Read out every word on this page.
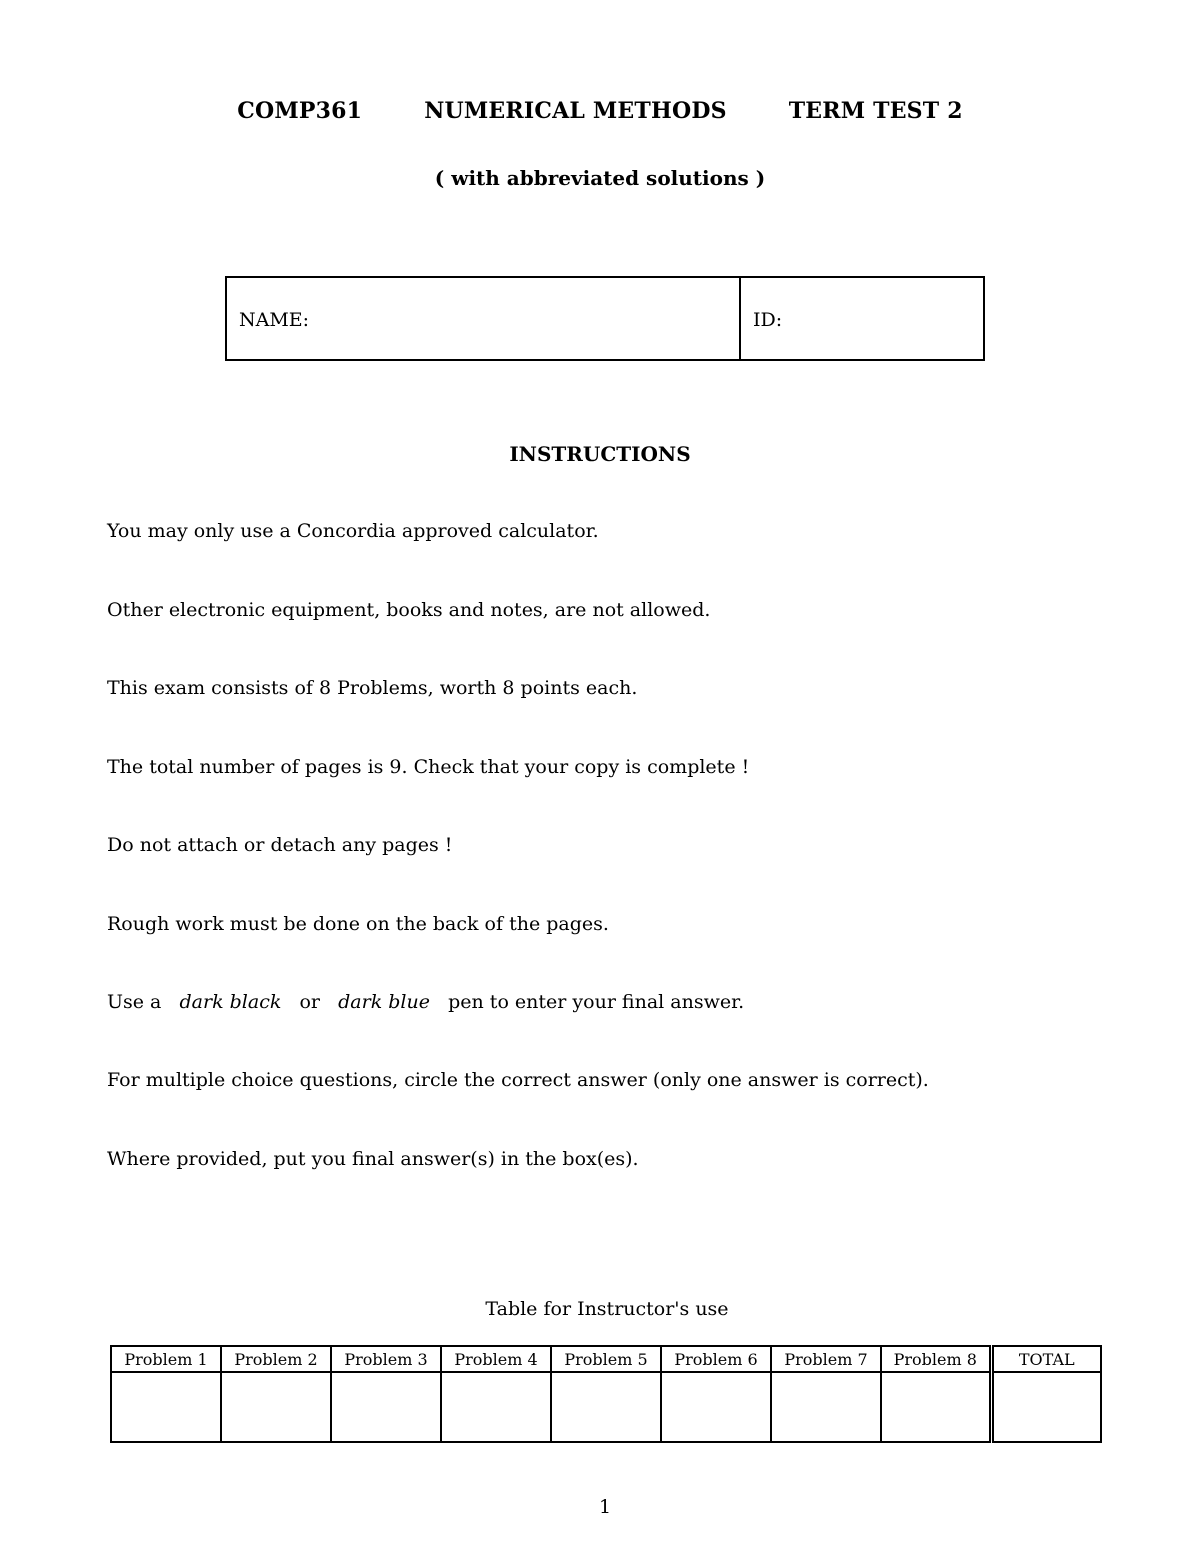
COMP361	NUMERICAL METHODS	TERM TEST 2
( with abbreviated solutions )
NAME:	ID:
INSTRUCTIONS
You may only use a Concordia approved calculator.
Other electronic equipment, books and notes, are not allowed.
This exam consists of 8 Problems, worth 8 points each.
The total number of pages is 9. Check that your copy is complete !
Do not attach or detach any pages !
Rough work must be done on the back of the pages.
Use a dark black or dark blue pen to enter your final answer.
For multiple choice questions, circle the correct answer (only one answer is correct).
Where provided, put you final answer(s) in the box(es).
Table for Instructor's use
Problem 1	Problem 2	Problem 3	Problem 4	Problem 5	Problem 6	Problem 7	Problem 8	TOTAL

1
